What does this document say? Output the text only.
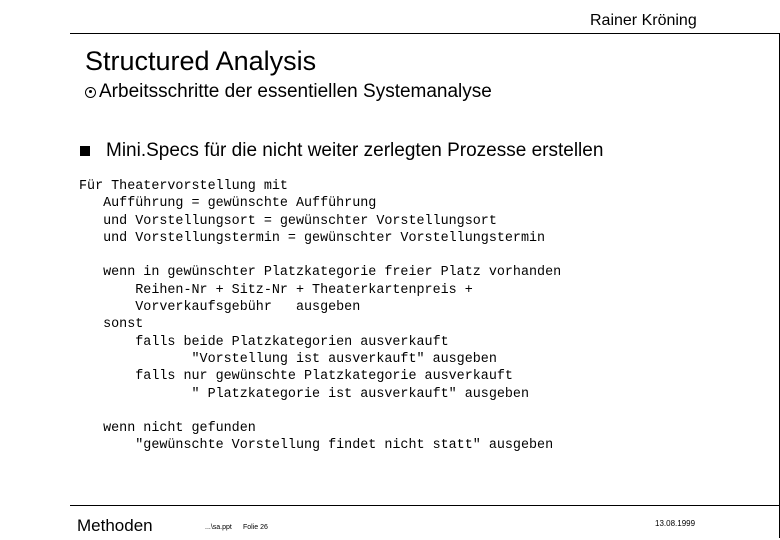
Rainer Kröning
Structured Analysis
Arbeitsschritte der essentiellen Systemanalyse
Mini.Specs für die nicht weiter zerlegten Prozesse erstellen
Für Theatervorstellung mit
Aufführung = gewünschte Aufführung
und Vorstellungsort = gewünschter Vorstellungsort
und Vorstellungstermin = gewünschter Vorstellungstermin

wenn in gewünschter Platzkategorie freier Platz vorhanden
Reihen-Nr + Sitz-Nr + Theaterkartenpreis +
Vorverkaufsgebühr   ausgeben
sonst
falls beide Platzkategorien ausverkauft
"Vorstellung ist ausverkauft" ausgeben
falls nur gewünschte Platzkategorie ausverkauft
" Platzkategorie ist ausverkauft" ausgeben

wenn nicht gefunden
"gewünschte Vorstellung findet nicht statt" ausgeben
Methoden	...\sa.ppt Folie 26	13.08.1999
